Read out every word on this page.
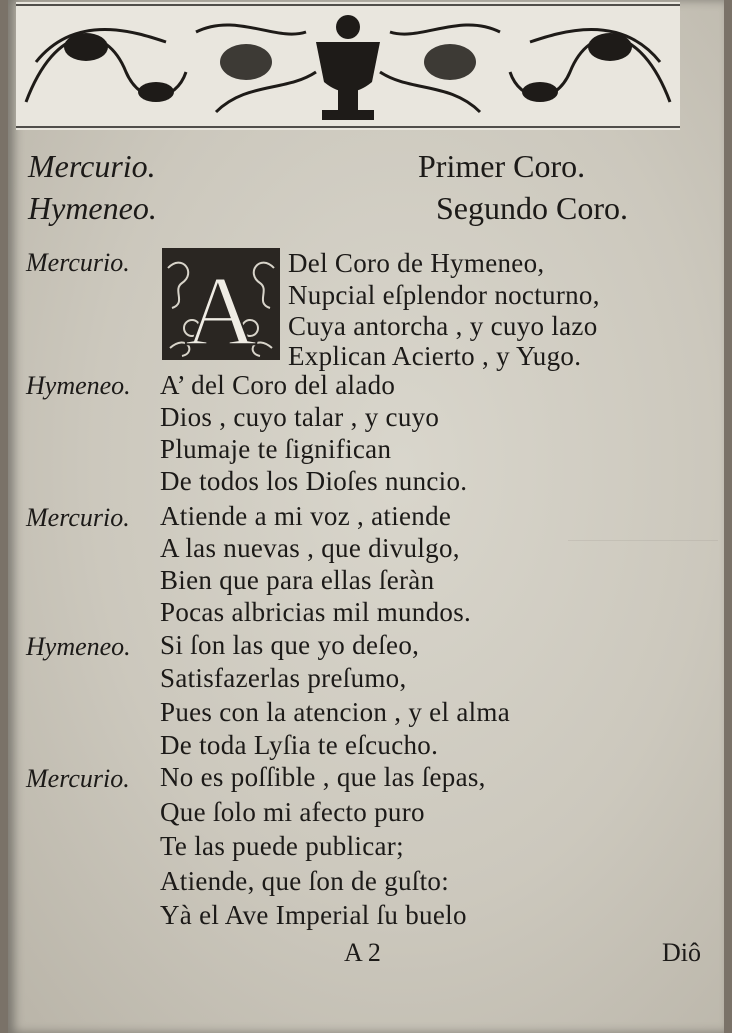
Mercurio.	Primer Coro.
Hymeneo.	Segundo Coro.
A
Mercurio.	Del Coro de Hymeneo,
Nupcial eſplendor nocturno,
Cuya antorcha , y cuyo lazo
Explican Acierto , y Yugo.
Hymeneo. A’ del Coro del alado
Dios , cuyo talar , y cuyo
Plumaje te ſignifican
De todos los Dioſes nuncio.
Mercurio. Atiende a mi voz , atiende
A las nuevas , que divulgo,
Bien que para ellas ſeràn
Pocas albricias mil mundos.
Hymeneo. Si ſon las que yo deſeo,
Satisfazerlas preſumo,
Pues con la atencion , y el alma
De toda Lyſia te eſcucho.
Mercurio. No es poſſible , que las ſepas,
Que ſolo mi afecto puro
Te las puede publicar;
Atiende, que ſon de guſto:
Yà el Ave Imperial ſu buelo
A 2	Diô
